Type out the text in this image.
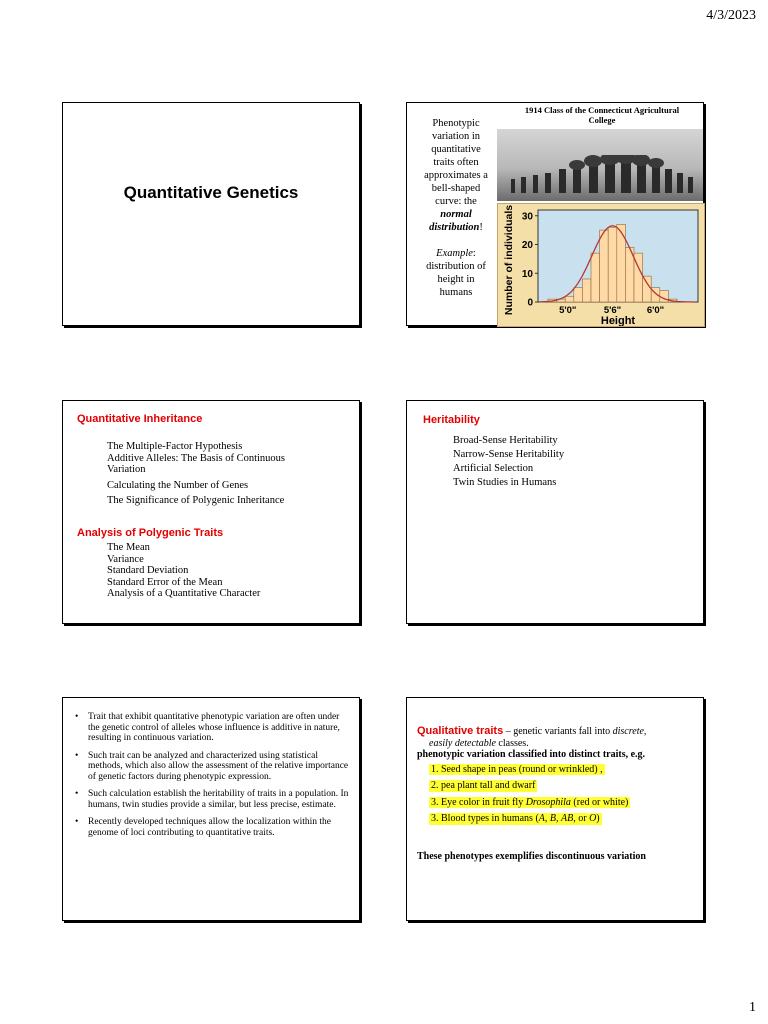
4/3/2023
Quantitative Genetics
Phenotypic
variation in
quantitative
traits often
approximates a
bell-shaped
curve: the
normal
distribution!
Example:
distribution of
height in
humans
1914 Class of the Connecticut Agricultural
College
0
10
20
30
5'0"	5'6"	6'0"
Height
Number of individuals
Quantitative Inheritance
The Multiple-Factor Hypothesis
Additive Alleles: The Basis of Continuous
Variation
Calculating the Number of Genes
The Significance of Polygenic Inheritance
Analysis of Polygenic Traits
The Mean
Variance
Standard Deviation
Standard Error of the Mean
Analysis of a Quantitative Character
Heritability
Broad-Sense Heritability
Narrow-Sense Heritability
Artificial Selection
Twin Studies in Humans
• Trait that exhibit quantitative phenotypic variation are often under the genetic control of alleles whose influence is additive in nature, resulting in continuous variation.
• Such trait can be analyzed and characterized using statistical methods, which also allow the assessment of the relative importance of genetic factors during phenotypic expression.
• Such calculation establish the heritability of traits in a population. In humans, twin studies provide a similar, but less precise, estimate.
• Recently developed techniques allow the localization within the genome of loci contributing to quantitative traits.
Qualitative traits – genetic variants fall into discrete,
easily detectable classes.
phenotypic variation classified into distinct traits, e.g.
1. Seed shape in peas (round or wrinkled) ,
2. pea plant tall and dwarf
3. Eye color in fruit fly Drosophila (red or white)
3. Blood types in humans (A, B, AB, or O)
These phenotypes exemplifies discontinuous variation
1
